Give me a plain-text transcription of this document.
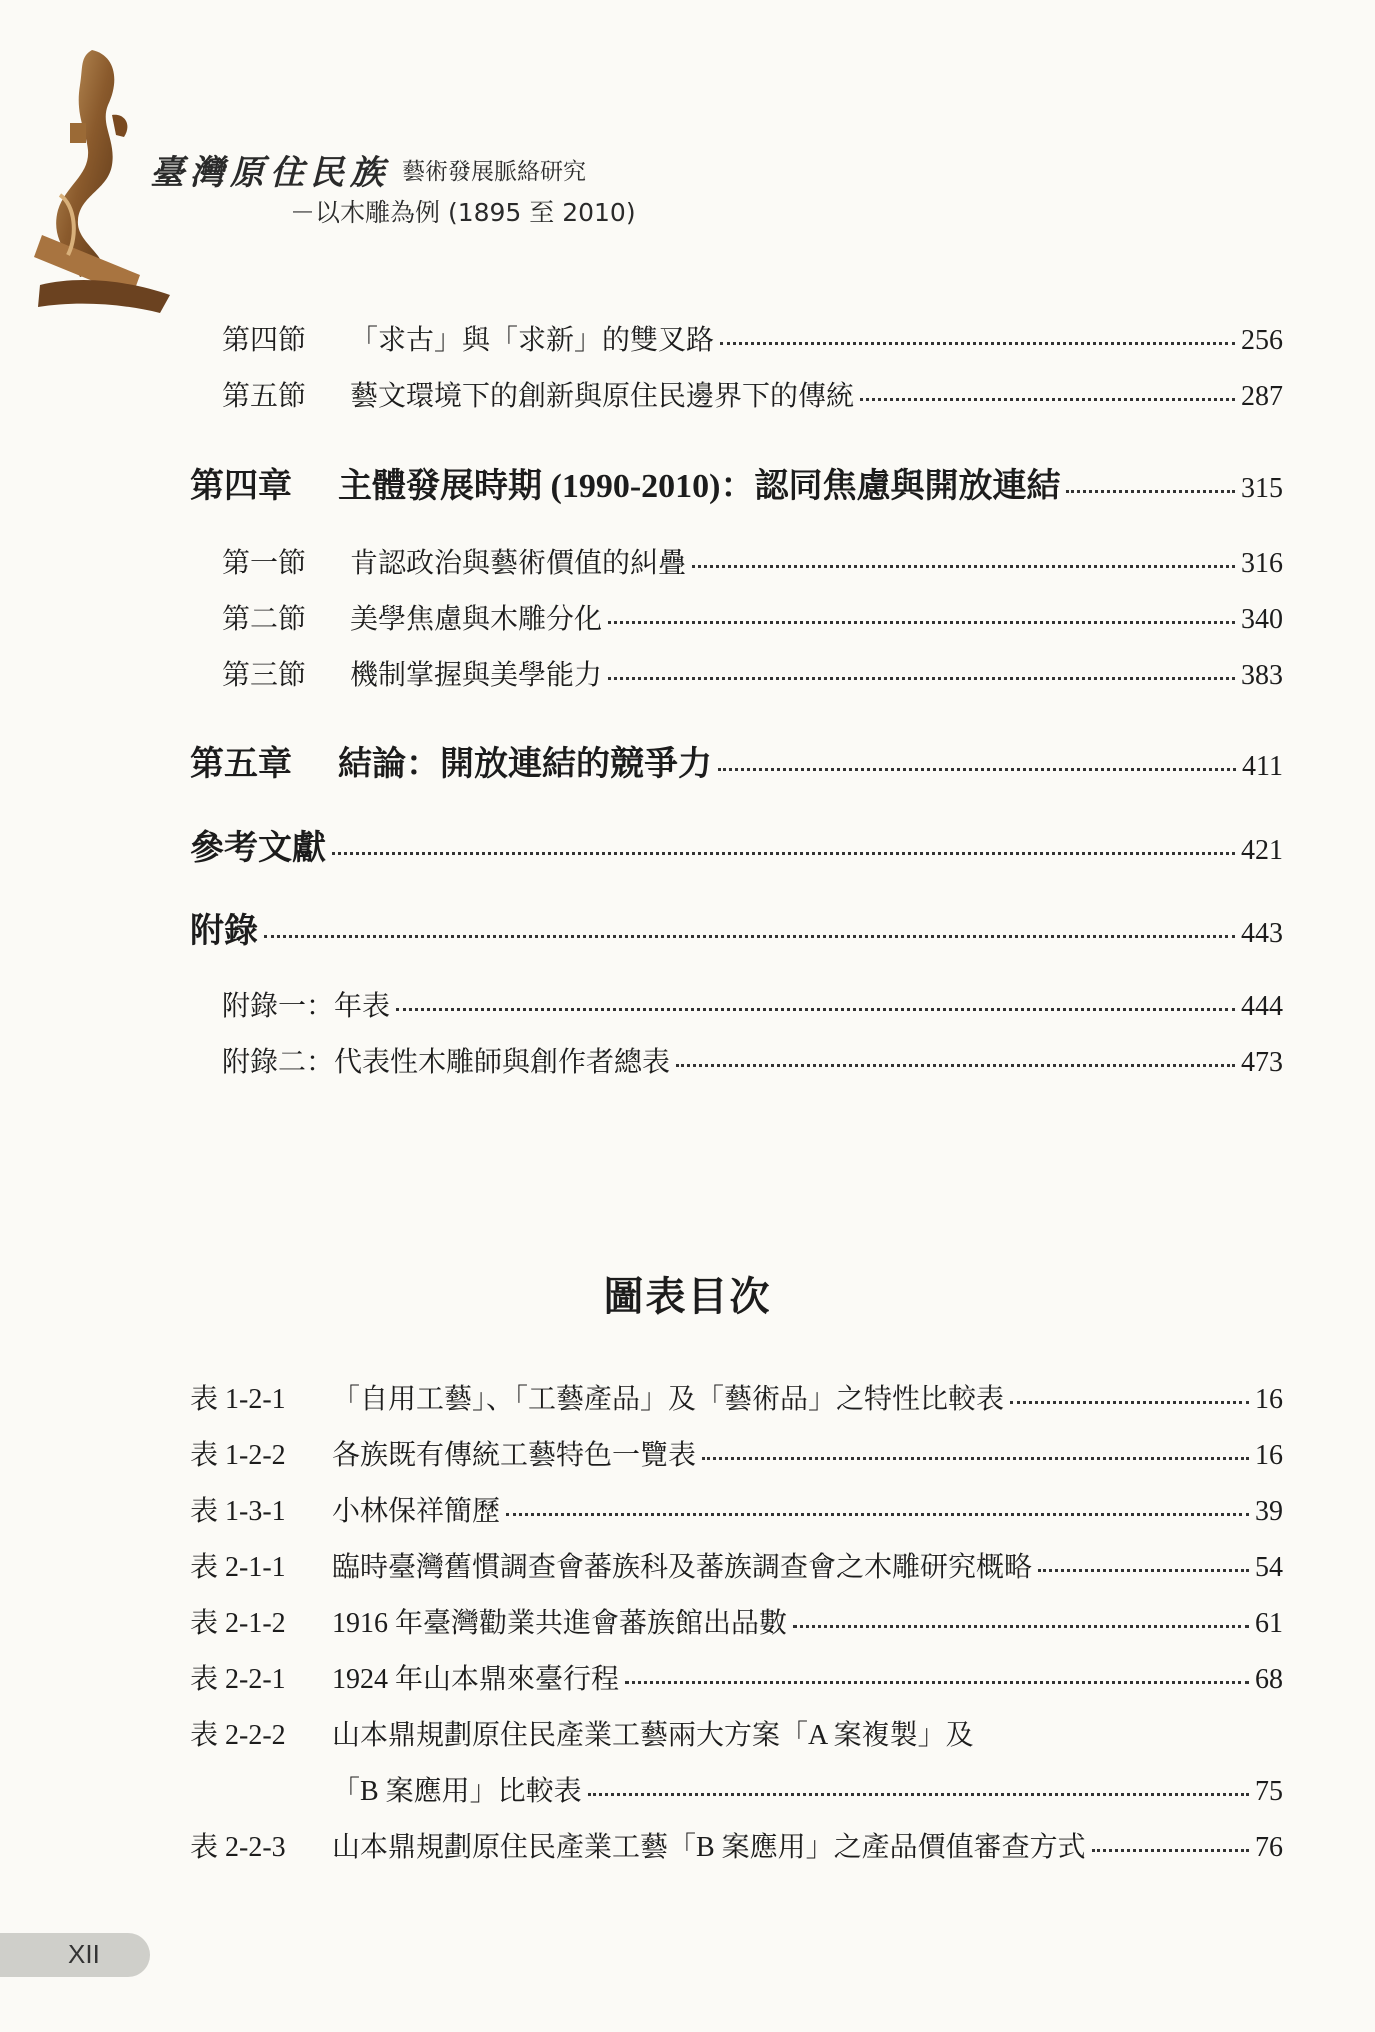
臺灣原住民族 藝術發展脈絡研究
－以木雕為例 (1895 至 2010)
第四節	「求古」與「求新」的雙叉路	256
第五節	藝文環境下的創新與原住民邊界下的傳統	287
第四章	主體發展時期 (1990-2010)：認同焦慮與開放連結	315
第一節	肯認政治與藝術價值的糾疊	316
第二節	美學焦慮與木雕分化	340
第三節	機制掌握與美學能力	383
第五章	結論：開放連結的競爭力	411
參考文獻	421
附錄	443
附錄一：年表	444
附錄二：代表性木雕師與創作者總表	473
圖表目次
表 1-2-1	「自用工藝」、「工藝產品」及「藝術品」之特性比較表	16
表 1-2-2	各族既有傳統工藝特色一覽表	16
表 1-3-1	小林保祥簡歷	39
表 2-1-1	臨時臺灣舊慣調查會蕃族科及蕃族調查會之木雕研究概略	54
表 2-1-2	1916 年臺灣勸業共進會蕃族館出品數	61
表 2-2-1	1924 年山本鼎來臺行程	68
表 2-2-2	山本鼎規劃原住民產業工藝兩大方案「A 案複製」及
「B 案應用」比較表	75
表 2-2-3	山本鼎規劃原住民產業工藝「B 案應用」之產品價值審查方式	76
XII
